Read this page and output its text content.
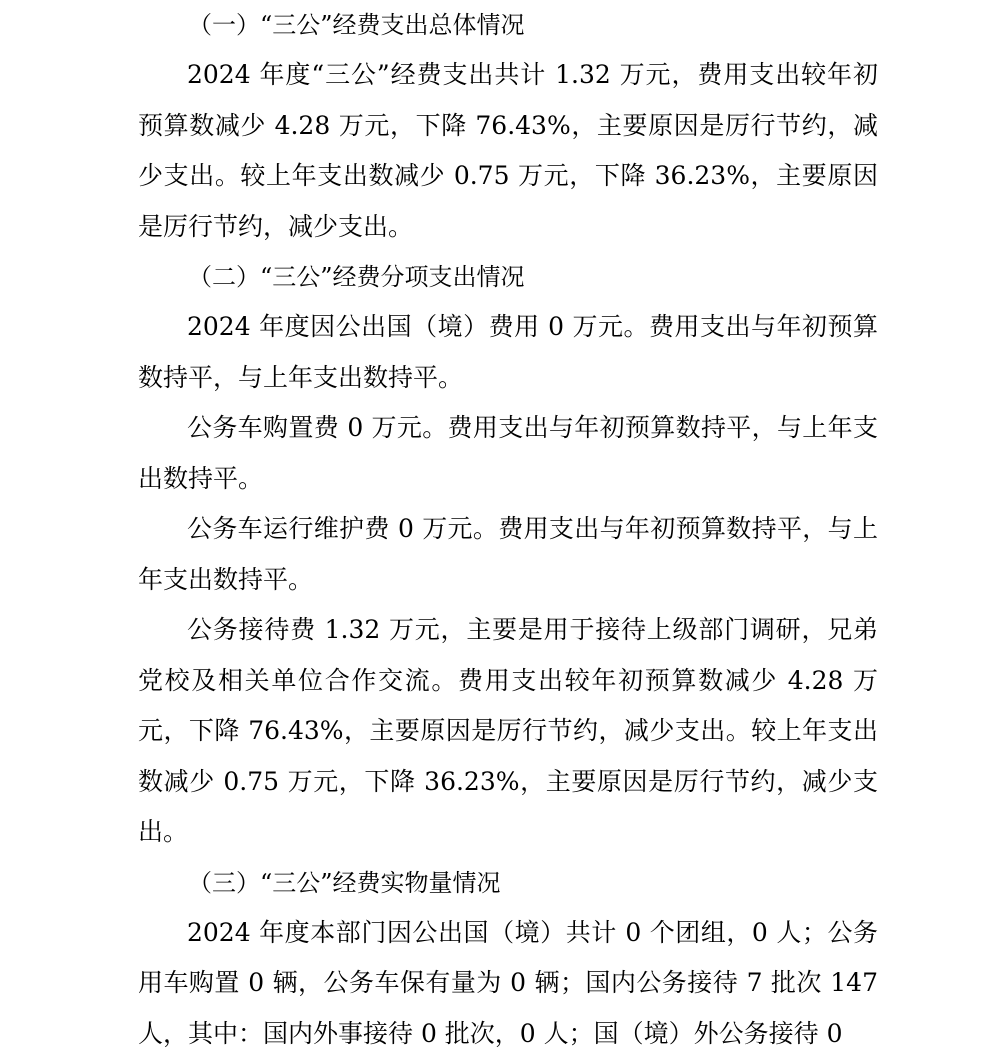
（一）“三公”经费支出总体情况

2024 年度“三公”经费支出共计 1.32 万元，费用支出较年初预算数减少 4.28 万元，下降 76.43%，主要原因是厉行节约，减少支出。较上年支出数减少 0.75 万元，下降 36.23%，主要原因是厉行节约，减少支出。

（二）“三公”经费分项支出情况

2024 年度因公出国（境）费用 0 万元。费用支出与年初预算数持平，与上年支出数持平。

公务车购置费 0 万元。费用支出与年初预算数持平，与上年支出数持平。

公务车运行维护费 0 万元。费用支出与年初预算数持平，与上年支出数持平。

公务接待费 1.32 万元，主要是用于接待上级部门调研，兄弟党校及相关单位合作交流。费用支出较年初预算数减少 4.28 万元，下降 76.43%，主要原因是厉行节约，减少支出。较上年支出数减少 0.75 万元，下降 36.23%，主要原因是厉行节约，减少支出。

（三）“三公”经费实物量情况

2024 年度本部门因公出国（境）共计 0 个团组，0 人；公务用车购置 0 辆，公务车保有量为 0 辆；国内公务接待 7 批次 147 人，其中：国内外事接待 0 批次，0 人；国（境）外公务接待 0
